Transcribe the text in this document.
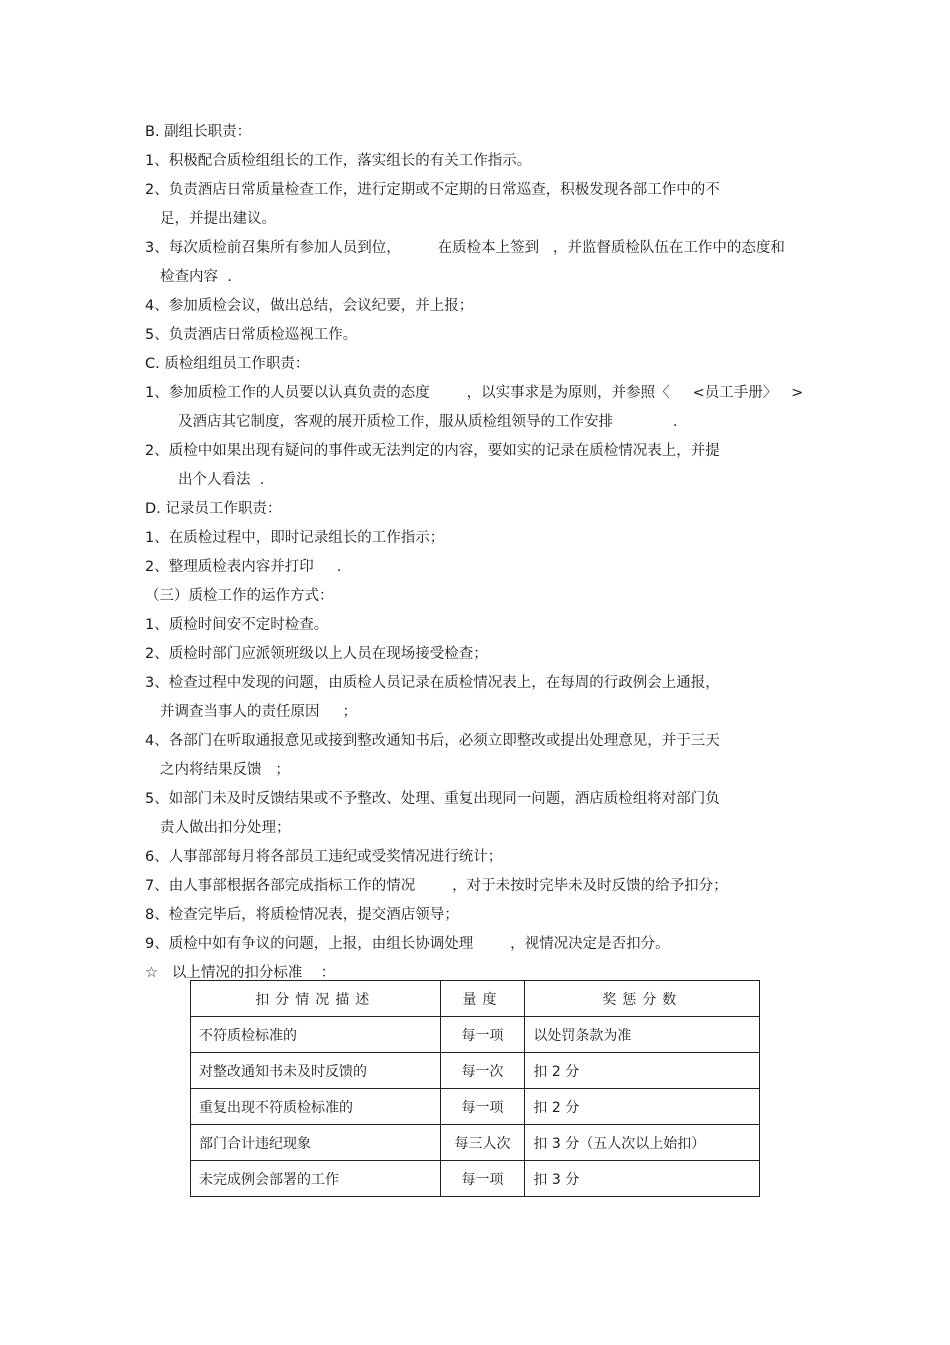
B. 副组长职责：
1、积极配合质检组组长的工作，落实组长的有关工作指示。
2、负责酒店日常质量检查工作，进行定期或不定期的日常巡查，积极发现各部工作中的不
足，并提出建议。
3、每次质检前召集所有参加人员到位，        在质检本上签到   ，并监督质检队伍在工作中的态度和
检查内容  .
4、参加质检会议，做出总结，会议纪要，并上报；
5、负责酒店日常质检巡视工作。
C. 质检组组员工作职责：
1、参加质检工作的人员要以认真负责的态度        ，以实事求是为原则，并参照〈     <员工手册〉   >
及酒店其它制度，客观的展开质检工作，服从质检组领导的工作安排             .
2、质检中如果出现有疑问的事件或无法判定的内容，要如实的记录在质检情况表上，并提
出个人看法  .
D. 记录员工作职责：
1、在质检过程中，即时记录组长的工作指示；
2、整理质检表内容并打印     .
（三）质检工作的运作方式：
1、质检时间安不定时检查。
2、质检时部门应派领班级以上人员在现场接受检查；
3、检查过程中发现的问题，由质检人员记录在质检情况表上，在每周的行政例会上通报，
并调查当事人的责任原因     ；
4、各部门在听取通报意见或接到整改通知书后，必须立即整改或提出处理意见，并于三天
之内将结果反馈   ；
5、如部门未及时反馈结果或不予整改、处理、重复出现同一问题，酒店质检组将对部门负
责人做出扣分处理；
6、人事部部每月将各部员工违纪或受奖情况进行统计；
7、由人事部根据各部完成指标工作的情况        ，对于未按时完毕未及时反馈的给予扣分；
8、检查完毕后，将质检情况表，提交酒店领导；
9、质检中如有争议的问题，上报，由组长协调处理        ，视情况决定是否扣分。
☆   以上情况的扣分标准    ：
扣分情况描述	量度	奖惩分数
不符质检标准的	每一项	以处罚条款为准
对整改通知书未及时反馈的	每一次	扣 2 分
重复出现不符质检标准的	每一项	扣 2 分
部门合计违纪现象	每三人次	扣 3 分（五人次以上始扣）
未完成例会部署的工作	每一项	扣 3 分
